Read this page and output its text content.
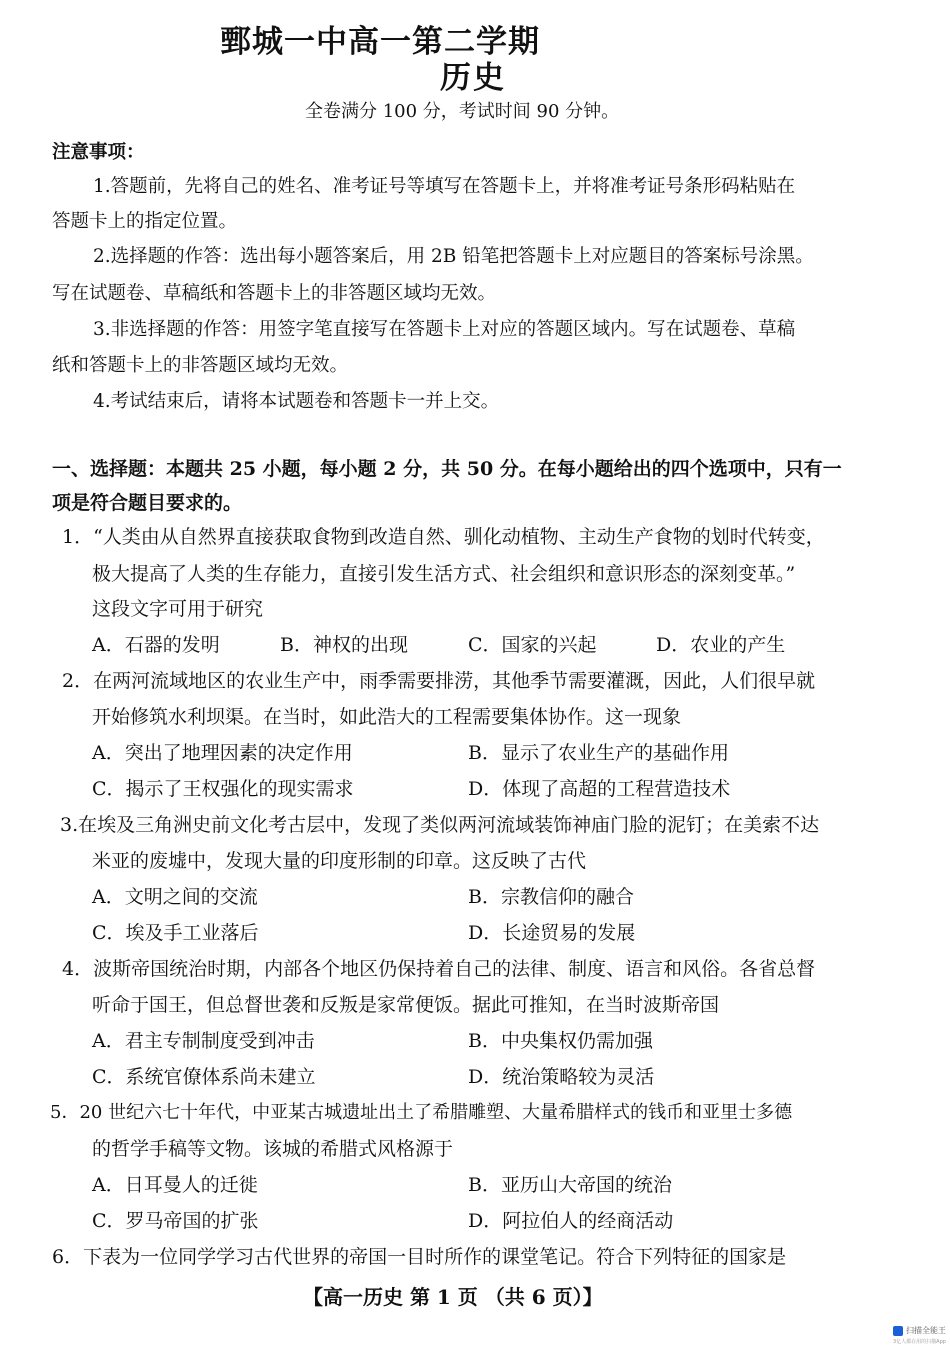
鄄城一中高一第二学期
历史
全卷满分 100 分，考试时间 90 分钟。
注意事项：
1.答题前，先将自己的姓名、准考证号等填写在答题卡上，并将准考证号条形码粘贴在
答题卡上的指定位置。
2.选择题的作答：选出每小题答案后，用 2B 铅笔把答题卡上对应题目的答案标号涂黑。
写在试题卷、草稿纸和答题卡上的非答题区域均无效。
3.非选择题的作答：用签字笔直接写在答题卡上对应的答题区域内。写在试题卷、草稿
纸和答题卡上的非答题区域均无效。
4.考试结束后，请将本试题卷和答题卡一并上交。
一、选择题：本题共 25 小题，每小题 2 分，共 50 分。在每小题给出的四个选项中，只有一
项是符合题目要求的。
1．“人类由从自然界直接获取食物到改造自然、驯化动植物、主动生产食物的划时代转变，
极大提高了人类的生存能力，直接引发生活方式、社会组织和意识形态的深刻变革。”
这段文字可用于研究
A．石器的发明	B．神权的出现	C．国家的兴起	D．农业的产生
2．在两河流域地区的农业生产中，雨季需要排涝，其他季节需要灌溉，因此，人们很早就
开始修筑水利坝渠。在当时，如此浩大的工程需要集体协作。这一现象
A．突出了地理因素的决定作用	B．显示了农业生产的基础作用
C．揭示了王权强化的现实需求	D．体现了高超的工程营造技术
3.在埃及三角洲史前文化考古层中，发现了类似两河流域装饰神庙门脸的泥钉；在美索不达
米亚的废墟中，发现大量的印度形制的印章。这反映了古代
A．文明之间的交流	B．宗教信仰的融合
C．埃及手工业落后	D．长途贸易的发展
4．波斯帝国统治时期，内部各个地区仍保持着自己的法律、制度、语言和风俗。各省总督
听命于国王，但总督世袭和反叛是家常便饭。据此可推知，在当时波斯帝国
A．君主专制制度受到冲击	B．中央集权仍需加强
C．系统官僚体系尚未建立	D．统治策略较为灵活
5．20 世纪六七十年代，中亚某古城遗址出土了希腊雕塑、大量希腊样式的钱币和亚里士多德
的哲学手稿等文物。该城的希腊式风格源于
A．日耳曼人的迁徙	B．亚历山大帝国的统治
C．罗马帝国的扩张	D．阿拉伯人的经商活动
6．下表为一位同学学习古代世界的帝国一目时所作的课堂笔记。符合下列特征的国家是
【高一历史 第 1 页 （共 6 页）】
扫描全能王
3亿人都在用的扫描App
